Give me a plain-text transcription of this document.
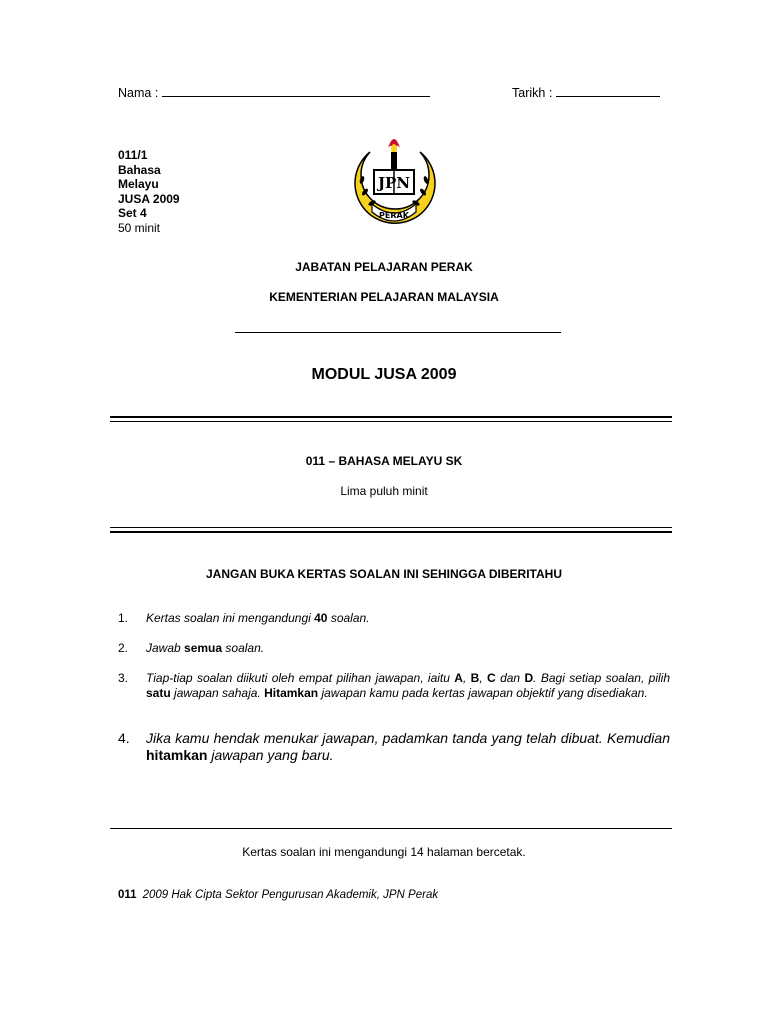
Nama :	Tarikh :
011/1
Bahasa
Melayu
JUSA 2009
Set 4
50 minit
JPN
PERAK
JABATAN PELAJARAN PERAK
KEMENTERIAN PELAJARAN MALAYSIA
MODUL JUSA 2009
011 – BAHASA MELAYU SK
Lima puluh minit
JANGAN BUKA KERTAS SOALAN INI SEHINGGA DIBERITAHU
1. Kertas soalan ini mengandungi 40 soalan.
2. Jawab semua soalan.
3. Tiap-tiap soalan diikuti oleh empat pilihan jawapan, iaitu A, B, C dan D. Bagi setiap soalan, pilih satu jawapan sahaja. Hitamkan jawapan kamu pada kertas jawapan objektif yang disediakan.
4. Jika kamu hendak menukar jawapan, padamkan tanda yang telah dibuat. Kemudian hitamkan jawapan yang baru.
Kertas soalan ini mengandungi 14 halaman bercetak.
011 2009 Hak Cipta Sektor Pengurusan Akademik, JPN Perak
